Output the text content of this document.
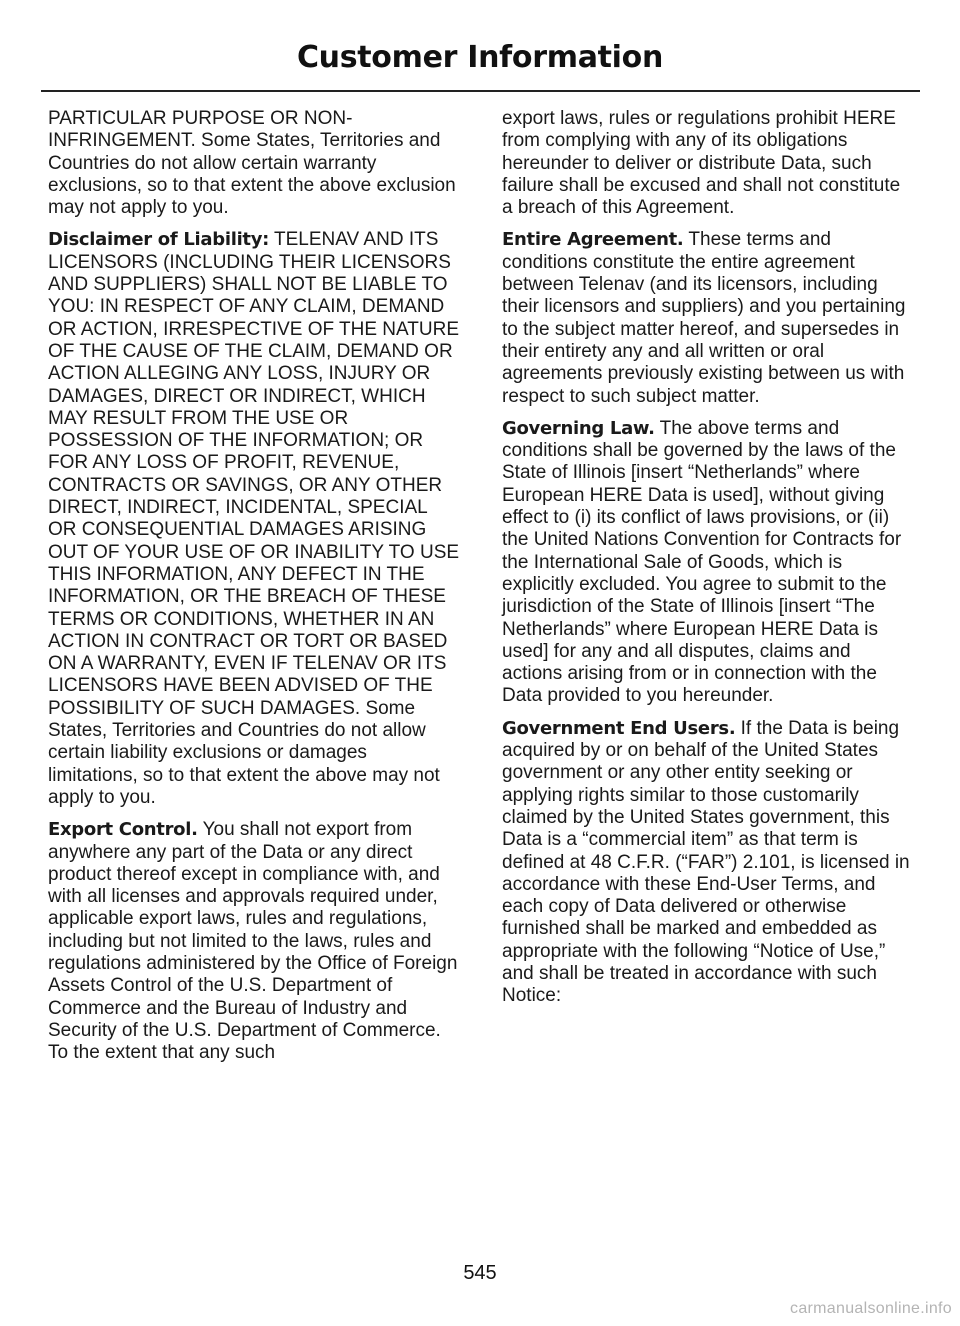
Customer Information

PARTICULAR PURPOSE OR NON-INFRINGEMENT. Some States, Territories and Countries do not allow certain warranty exclusions, so to that extent the above exclusion may not apply to you.

Disclaimer of Liability: TELENAV AND ITS LICENSORS (INCLUDING THEIR LICENSORS AND SUPPLIERS) SHALL NOT BE LIABLE TO YOU: IN RESPECT OF ANY CLAIM, DEMAND OR ACTION, IRRESPECTIVE OF THE NATURE OF THE CAUSE OF THE CLAIM, DEMAND OR ACTION ALLEGING ANY LOSS, INJURY OR DAMAGES, DIRECT OR INDIRECT, WHICH MAY RESULT FROM THE USE OR POSSESSION OF THE INFORMATION; OR FOR ANY LOSS OF PROFIT, REVENUE, CONTRACTS OR SAVINGS, OR ANY OTHER DIRECT, INDIRECT, INCIDENTAL, SPECIAL OR CONSEQUENTIAL DAMAGES ARISING OUT OF YOUR USE OF OR INABILITY TO USE THIS INFORMATION, ANY DEFECT IN THE INFORMATION, OR THE BREACH OF THESE TERMS OR CONDITIONS, WHETHER IN AN ACTION IN CONTRACT OR TORT OR BASED ON A WARRANTY, EVEN IF TELENAV OR ITS LICENSORS HAVE BEEN ADVISED OF THE POSSIBILITY OF SUCH DAMAGES. Some States, Territories and Countries do not allow certain liability exclusions or damages limitations, so to that extent the above may not apply to you.

Export Control. You shall not export from anywhere any part of the Data or any direct product thereof except in compliance with, and with all licenses and approvals required under, applicable export laws, rules and regulations, including but not limited to the laws, rules and regulations administered by the Office of Foreign Assets Control of the U.S. Department of Commerce and the Bureau of Industry and Security of the U.S. Department of Commerce. To the extent that any such

export laws, rules or regulations prohibit HERE from complying with any of its obligations hereunder to deliver or distribute Data, such failure shall be excused and shall not constitute a breach of this Agreement.

Entire Agreement. These terms and conditions constitute the entire agreement between Telenav (and its licensors, including their licensors and suppliers) and you pertaining to the subject matter hereof, and supersedes in their entirety any and all written or oral agreements previously existing between us with respect to such subject matter.

Governing Law. The above terms and conditions shall be governed by the laws of the State of Illinois [insert “Netherlands” where European HERE Data is used], without giving effect to (i) its conflict of laws provisions, or (ii) the United Nations Convention for Contracts for the International Sale of Goods, which is explicitly excluded. You agree to submit to the jurisdiction of the State of Illinois [insert “The Netherlands” where European HERE Data is used] for any and all disputes, claims and actions arising from or in connection with the Data provided to you hereunder.

Government End Users. If the Data is being acquired by or on behalf of the United States government or any other entity seeking or applying rights similar to those customarily claimed by the United States government, this Data is a “commercial item” as that term is defined at 48 C.F.R. (“FAR”) 2.101, is licensed in accordance with these End-User Terms, and each copy of Data delivered or otherwise furnished shall be marked and embedded as appropriate with the following “Notice of Use,” and shall be treated in accordance with such Notice:

545
carmanualsonline.info
